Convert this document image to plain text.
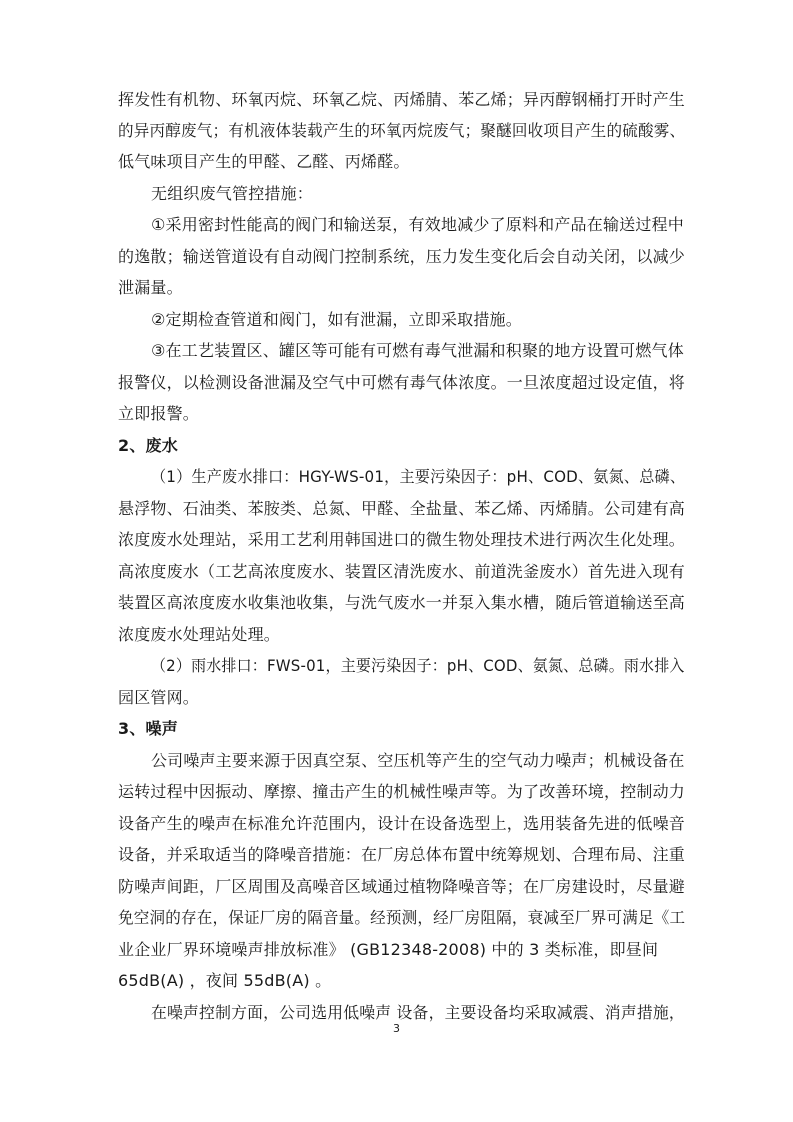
挥发性有机物、环氧丙烷、环氧乙烷、丙烯腈、苯乙烯；异丙醇钢桶打开时产生
的异丙醇废气；有机液体装载产生的环氧丙烷废气；聚醚回收项目产生的硫酸雾、
低气味项目产生的甲醛、乙醛、丙烯醛。
无组织废气管控措施：
①采用密封性能高的阀门和输送泵，有效地减少了原料和产品在输送过程中
的逸散；输送管道设有自动阀门控制系统，压力发生变化后会自动关闭，以减少
泄漏量。
②定期检查管道和阀门，如有泄漏，立即采取措施。
③在工艺装置区、罐区等可能有可燃有毒气泄漏和积聚的地方设置可燃气体
报警仪，以检测设备泄漏及空气中可燃有毒气体浓度。一旦浓度超过设定值，将
立即报警。
2、废水
（1）生产废水排口：HGY-WS-01，主要污染因子：pH、COD、氨氮、总磷、
悬浮物、石油类、苯胺类、总氮、甲醛、全盐量、苯乙烯、丙烯腈。公司建有高
浓度废水处理站，采用工艺利用韩国进口的微生物处理技术进行两次生化处理。
高浓度废水（工艺高浓度废水、装置区清洗废水、前道洗釜废水）首先进入现有
装置区高浓度废水收集池收集，与洗气废水一并泵入集水槽，随后管道输送至高
浓度废水处理站处理。
（2）雨水排口：FWS-01，主要污染因子：pH、COD、氨氮、总磷。雨水排入
园区管网。
3、噪声
公司噪声主要来源于因真空泵、空压机等产生的空气动力噪声；机械设备在
运转过程中因振动、摩擦、撞击产生的机械性噪声等。为了改善环境，控制动力
设备产生的噪声在标准允许范围内，设计在设备选型上，选用装备先进的低噪音
设备，并采取适当的降噪音措施：在厂房总体布置中统筹规划、合理布局、注重
防噪声间距，厂区周围及高噪音区域通过植物降噪音等；在厂房建设时，尽量避
免空洞的存在，保证厂房的隔音量。经预测，经厂房阻隔，衰减至厂界可满足《工
业企业厂界环境噪声排放标准》 (GB12348-2008) 中的 3 类标准，即昼间
65dB(A) ，夜间 55dB(A) 。
在噪声控制方面，公司选用低噪声 设备，主要设备均采取减震、消声措施，
3
